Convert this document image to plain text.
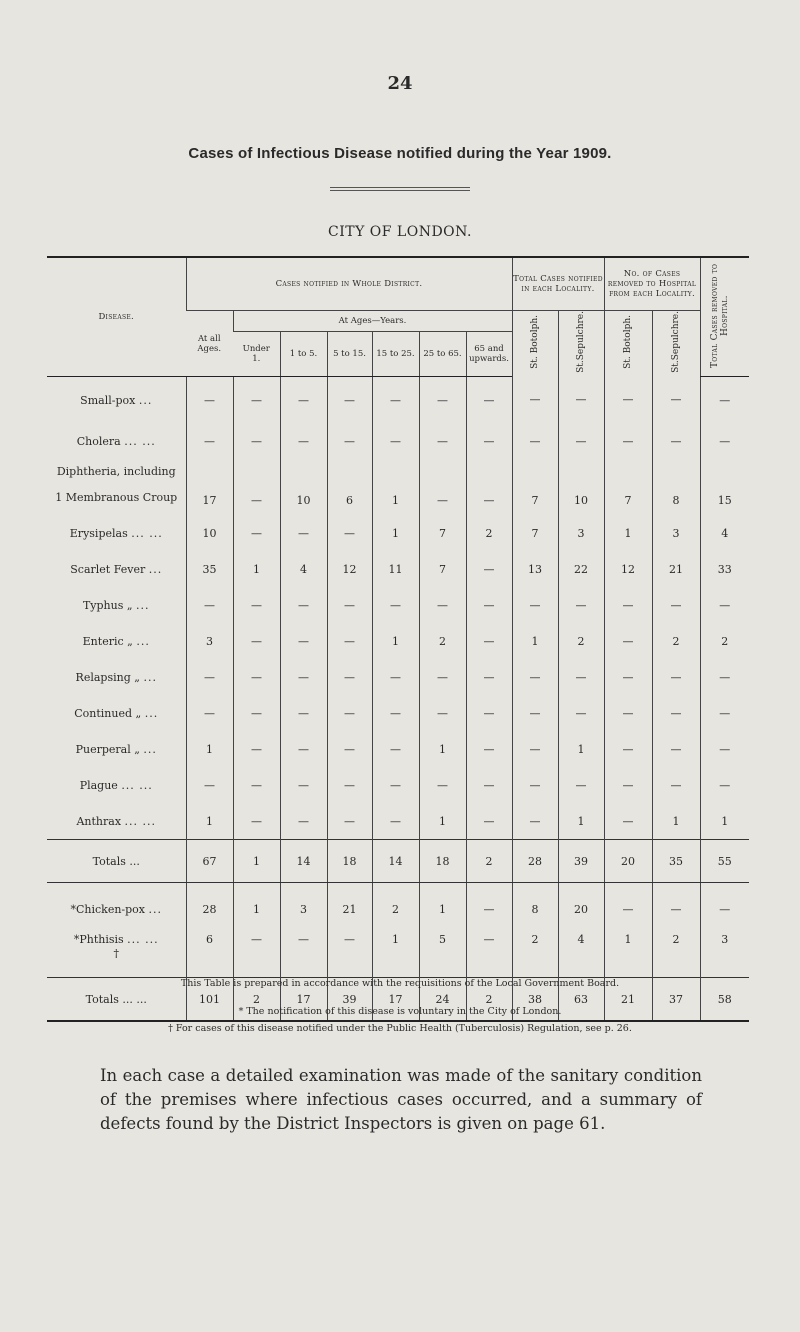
24
Cases of Infectious Disease notified during the Year 1909.
CITY OF LONDON.
Disease.	Cases notified in Whole District.							Total Cases notified in each Locality.		No. of Cases removed to Hospital from each Locality.		Total Cases removed to Hospital.
	At all Ages.	At Ages—Years.						St. Botolph.	St.Sepulchre.	St. Botolph.	St.Sepulchre.	
		Under 1.	1 to 5.	5 to 15.	15 to 25.	25 to 65.	65 and upwards.					
Small-pox ...	—	—	—	—	—	—	—	—	—	—	—	—
Cholera ... ...	—	—	—	—	—	—	—	—	—	—	—	—
Diphtheria, including
1 Membranous Croup	17	—	10	6	1	—	—	7	10	7	8	15
Erysipelas ... ...	10	—	—	—	1	7	2	7	3	1	3	4
Scarlet Fever ...	35	1	4	12	11	7	—	13	22	12	21	33
Typhus „ ...	—	—	—	—	—	—	—	—	—	—	—	—
Enteric „ ...	3	—	—	—	1	2	—	1	2	—	2	2
Relapsing „ ...	—	—	—	—	—	—	—	—	—	—	—	—
Continued „ ...	—	—	—	—	—	—	—	—	—	—	—	—
Puerperal „ ...	1	—	—	—	—	1	—	—	1	—	—	—
Plague ... ...	—	—	—	—	—	—	—	—	—	—	—	—
Anthrax ... ...	1	—	—	—	—	1	—	—	1	—	1	1
Totals ...	67	1	14	18	14	18	2	28	39	20	35	55

*Chicken-pox ...	28	1	3	21	2	1	—	8	20	—	—	—
*Phthisis ... ...
†	6	—	—	—	1	5	—	2	4	1	2	3
Totals ... ...	101	2	17	39	17	24	2	38	63	21	37	58
This Table is prepared in accordance with the requisitions of the Local Government Board.
* The notification of this disease is voluntary in the City of London.
† For cases of this disease notified under the Public Health (Tuberculosis) Regulation, see p. 26.
In each case a detailed examination was made of the sanitary condition of the premises where infectious cases occurred, and a summary of defects found by the District Inspectors is given on page 61.
